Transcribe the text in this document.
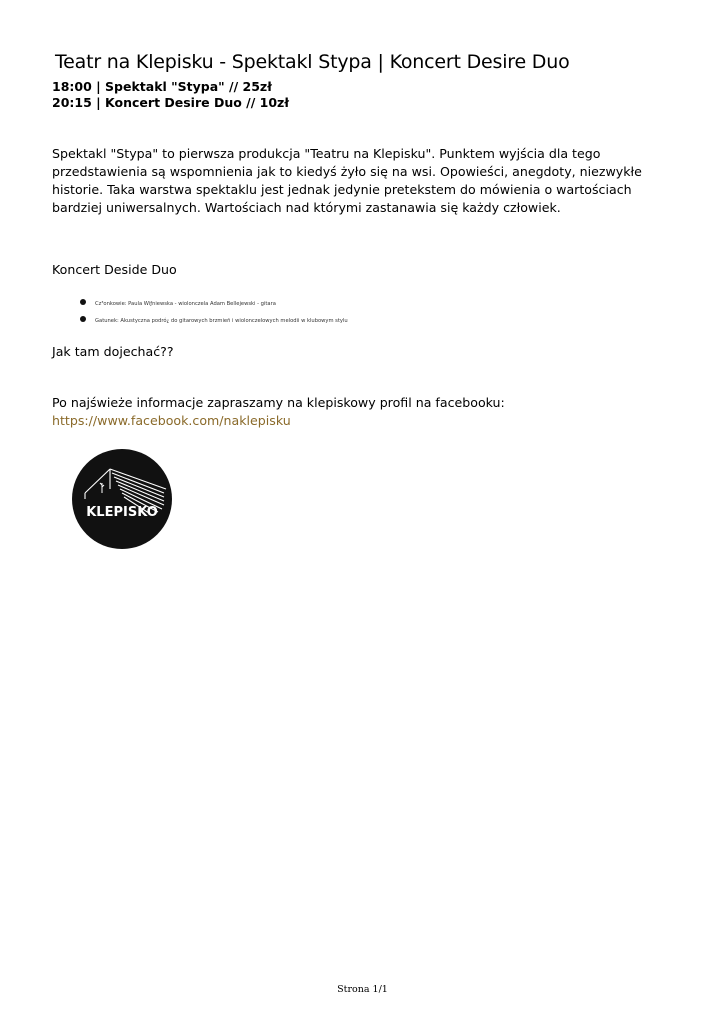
Teatr na Klepisku - Spektakl Stypa | Koncert Desire Duo
18:00 | Spektakl "Stypa" // 25zł
20:15 | Koncert Desire Duo // 10zł
Spektakl "Stypa" to pierwsza produkcja "Teatru na Klepisku". Punktem wyjścia dla tego przedstawienia są wspomnienia jak to kiedyś żyło się na wsi. Opowieści, anegdoty, niezwykłe historie. Taka warstwa spektaklu jest jednak jedynie pretekstem do mówienia o wartościach bardziej uniwersalnych. Wartościach nad którymi zastanawia się każdy człowiek.
Koncert Deside Duo
Cz³onkowie: Paula Wiƒniewska - wiolonczela Adam Bellejewski - gitara
Gatunek: Akustyczna podró¿ do gitarowych brzmieñ i wiolonczelowych melodii w klubowym stylu
Jak tam dojechać??
Po najświeże informacje zapraszamy na klepiskowy profil na facebooku:
https://www.facebook.com/naklepisku
KLEPISKO
Strona 1/1
